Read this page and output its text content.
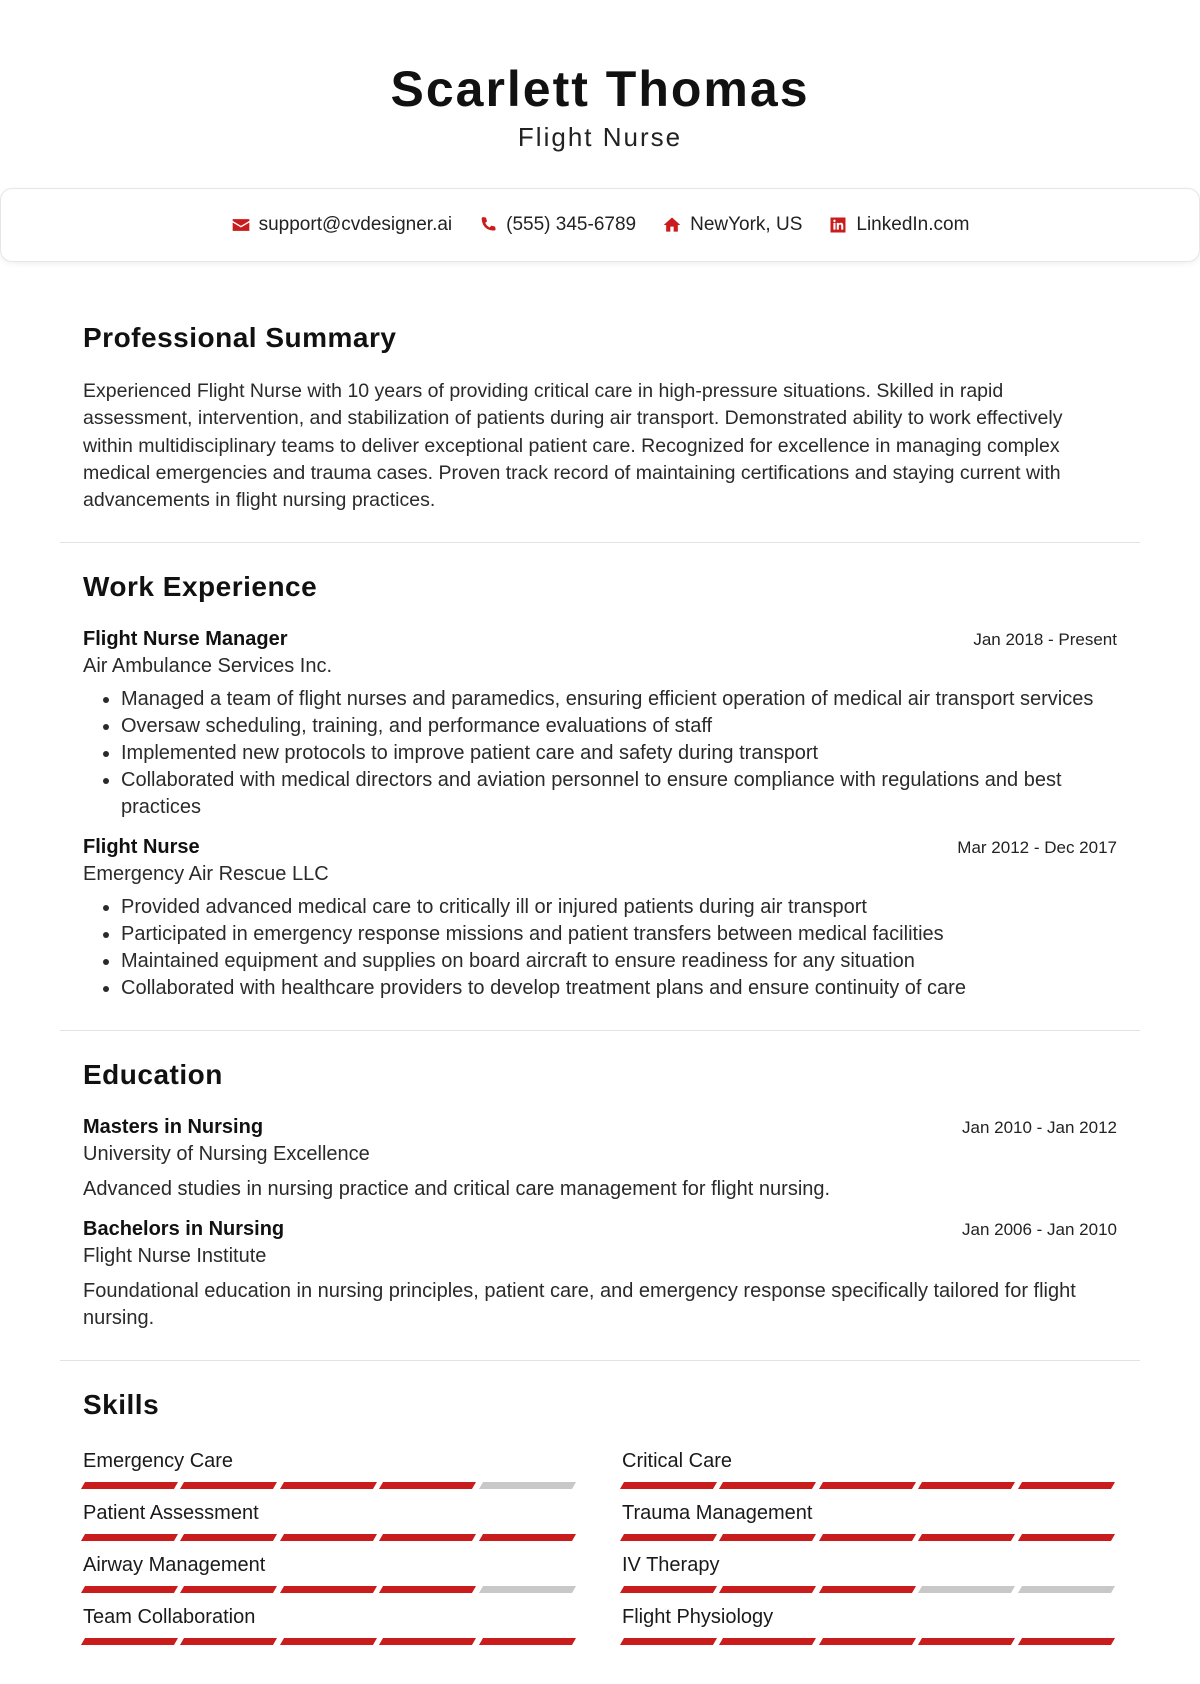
Scarlett Thomas
Flight Nurse
support@cvdesigner.ai	(555) 345-6789	NewYork, US	LinkedIn.com
Professional Summary
Experienced Flight Nurse with 10 years of providing critical care in high-pressure situations. Skilled in rapid assessment, intervention, and stabilization of patients during air transport. Demonstrated ability to work effectively within multidisciplinary teams to deliver exceptional patient care. Recognized for excellence in managing complex medical emergencies and trauma cases. Proven track record of maintaining certifications and staying current with advancements in flight nursing practices.
Work Experience
Flight Nurse Manager	Jan 2018 - Present
Air Ambulance Services Inc.
• Managed a team of flight nurses and paramedics, ensuring efficient operation of medical air transport services
• Oversaw scheduling, training, and performance evaluations of staff
• Implemented new protocols to improve patient care and safety during transport
• Collaborated with medical directors and aviation personnel to ensure compliance with regulations and best practices
Flight Nurse	Mar 2012 - Dec 2017
Emergency Air Rescue LLC
• Provided advanced medical care to critically ill or injured patients during air transport
• Participated in emergency response missions and patient transfers between medical facilities
• Maintained equipment and supplies on board aircraft to ensure readiness for any situation
• Collaborated with healthcare providers to develop treatment plans and ensure continuity of care
Education
Masters in Nursing	Jan 2010 - Jan 2012
University of Nursing Excellence
Advanced studies in nursing practice and critical care management for flight nursing.
Bachelors in Nursing	Jan 2006 - Jan 2010
Flight Nurse Institute
Foundational education in nursing principles, patient care, and emergency response specifically tailored for flight nursing.
Skills
Emergency Care	Critical Care
Patient Assessment	Trauma Management
Airway Management	IV Therapy
Team Collaboration	Flight Physiology
